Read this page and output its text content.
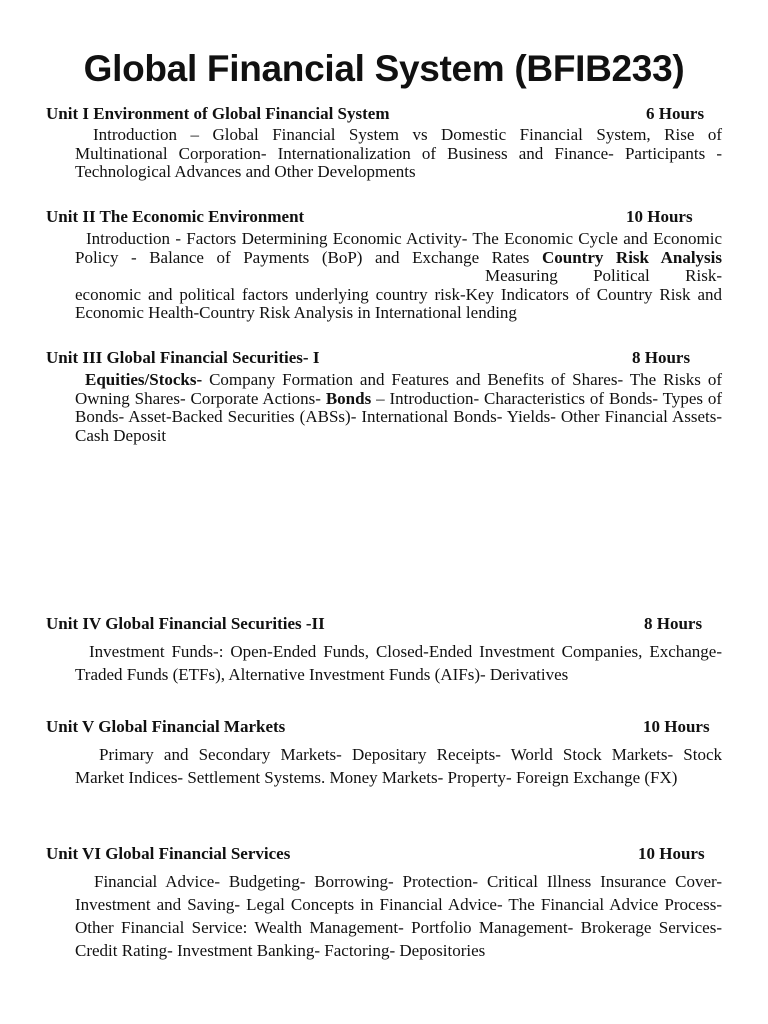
Global Financial System (BFIB233)
Unit I Environment of Global Financial System	6 Hours

Introduction – Global Financial System vs Domestic Financial System, Rise of Multinational Corporation- Internationalization of Business and Finance- Participants - Technological Advances and Other Developments

Unit II The Economic Environment	10 Hours

Introduction - Factors Determining Economic Activity- The Economic Cycle and Economic Policy - Balance of Payments (BoP) and Exchange Rates Country Risk Analysis Measuring Political Risk- economic and political factors underlying country risk-Key Indicators of Country Risk and Economic Health-Country Risk Analysis in International lending

Unit III Global Financial Securities- I	8 Hours

Equities/Stocks- Company Formation and Features and Benefits of Shares- The Risks of Owning Shares- Corporate Actions- Bonds – Introduction- Characteristics of Bonds- Types of Bonds- Asset-Backed Securities (ABSs)- International Bonds- Yields- Other Financial Assets- Cash Deposit

Unit IV Global Financial Securities -II	8 Hours

Investment Funds-: Open-Ended Funds, Closed-Ended Investment Companies, Exchange-Traded Funds (ETFs), Alternative Investment Funds (AIFs)- Derivatives

Unit V Global Financial Markets	10 Hours

Primary and Secondary Markets- Depositary Receipts- World Stock Markets- Stock Market Indices- Settlement Systems. Money Markets- Property- Foreign Exchange (FX)

Unit VI Global Financial Services	10 Hours

Financial Advice- Budgeting- Borrowing- Protection- Critical Illness Insurance Cover- Investment and Saving- Legal Concepts in Financial Advice- The Financial Advice Process- Other Financial Service: Wealth Management- Portfolio Management- Brokerage Services-Credit Rating- Investment Banking- Factoring- Depositories
